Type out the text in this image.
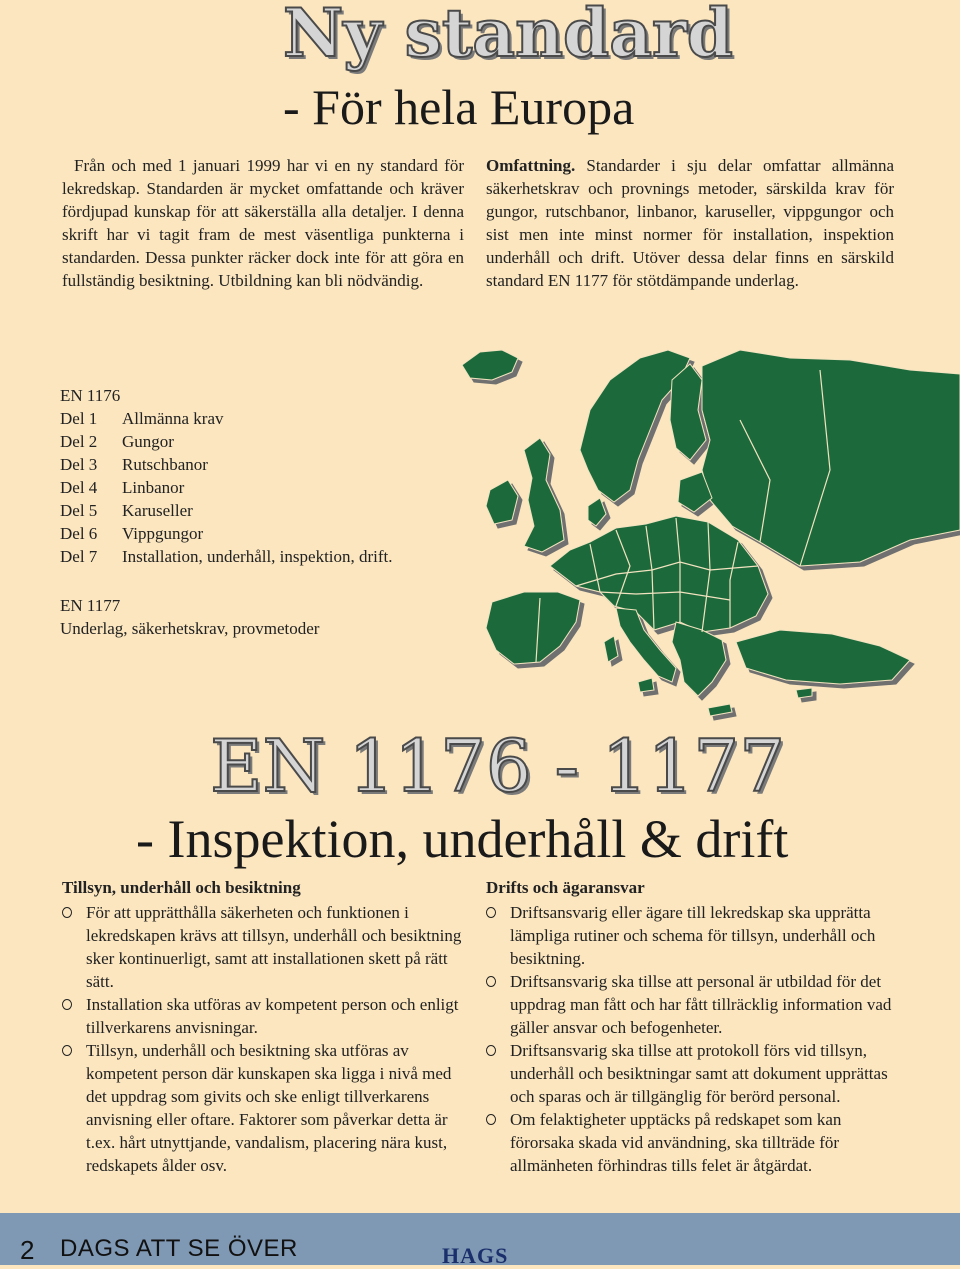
Ny standard
- För hela Europa

Från och med 1 januari 1999 har vi en ny standard för lekredskap. Standarden är mycket omfattande och kräver fördjupad kunskap för att säkerställa alla detaljer. I denna skrift har vi tagit fram de mest väsentliga punkterna i standarden. Dessa punkter räcker dock inte för att göra en fullständig besiktning. Utbildning kan bli nödvändig.

Omfattning. Standarder i sju delar omfattar allmänna säkerhetskrav och provnings metoder, särskilda krav för gungor, rutschbanor, linbanor, karuseller, vippgungor och sist men inte minst normer för installation, inspektion underhåll och drift. Utöver dessa delar finns en särskild standard EN 1177 för stötdämpande underlag.

EN 1176
Del 1	Allmänna krav
Del 2	Gungor
Del 3	Rutschbanor
Del 4	Linbanor
Del 5	Karuseller
Del 6	Vippgungor
Del 7	Installation, underhåll, inspektion, drift.
EN 1177
Underlag, säkerhetskrav, provmetoder
EN 1176 - 1177
- Inspektion, underhåll & drift
Tillsyn, underhåll och besiktning
För att upprätthålla säkerheten och funktionen i lekredskapen krävs att tillsyn, underhåll och besiktning sker kontinuerligt, samt att installationen skett på rätt sätt.
Installation ska utföras av kompetent person och enligt tillverkarens anvisningar.
Tillsyn, underhåll och besiktning ska utföras av kompetent person där kunskapen ska ligga i nivå med det uppdrag som givits och ske enligt tillverkarens anvisning eller oftare. Faktorer som påverkar detta är t.ex. hårt utnyttjande, vandalism, placering nära kust, redskapets ålder osv.
Drifts och ägaransvar
Driftsansvarig eller ägare till lekredskap ska upprätta lämpliga rutiner och schema för tillsyn, underhåll och besiktning.
Driftsansvarig ska tillse att personal är utbildad för det uppdrag man fått och har fått tillräcklig information vad gäller ansvar och befogenheter.
Driftsansvarig ska tillse att protokoll förs vid tillsyn, underhåll och besiktningar samt att dokument upprättas och sparas och är tillgänglig för berörd personal.
Om felaktigheter upptäcks på redskapet som kan förorsaka skada vid användning, ska tillträde för allmänheten förhindras tills felet är åtgärdat.
2 DAGS ATT SE ÖVER	HAGS
